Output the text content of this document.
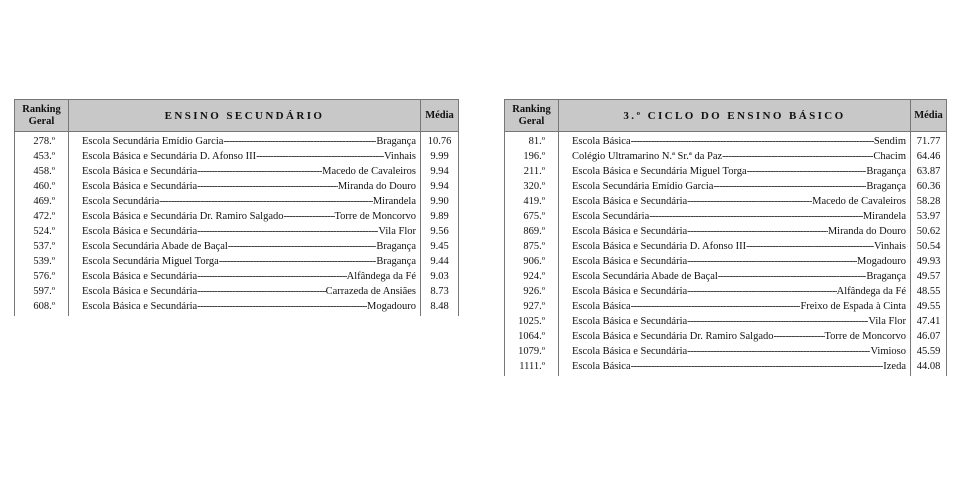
Ranking Geral	ENSINO SECUNDÁRIO	Média
278.º	Escola Secundária Emídio Garcia ----- Bragança	10.76
453.º	Escola Básica e Secundária D. Afonso III ----- Vinhais	9.99
458.º	Escola Básica e Secundária ----- Macedo de Cavaleiros	9.94
460.º	Escola Básica e Secundária ----- Miranda do Douro	9.94
469.º	Escola Secundária ----- Mirandela	9.90
472.º	Escola Básica e Secundária Dr. Ramiro Salgado ----- Torre de Moncorvo	9.89
524.º	Escola Básica e Secundária ----- Vila Flor	9.56
537.º	Escola Secundária Abade de Baçal ----- Bragança	9.45
539.º	Escola Secundária Miguel Torga ----- Bragança	9.44
576.º	Escola Básica e Secundária ----- Alfândega da Fé	9.03
597.º	Escola Básica e Secundária ----- Carrazeda de Ansiães	8.73
608.º	Escola Básica e Secundária ----- Mogadouro	8.48
Ranking Geral	3.º CICLO DO ENSINO BÁSICO	Média
81.º	Escola Básica ----- Sendim	71.77
196.º	Colégio Ultramarino N.ª Sr.ª da Paz ----- Chacim	64.46
211.º	Escola Básica e Secundária Miguel Torga ----- Bragança	63.87
320.º	Escola Secundária Emídio Garcia ----- Bragança	60.36
419.º	Escola Básica e Secundária ----- Macedo de Cavaleiros	58.28
675.º	Escola Secundária ----- Mirandela	53.97
869.º	Escola Básica e Secundária ----- Miranda do Douro	50.62
875.º	Escola Básica e Secundária D. Afonso III ----- Vinhais	50.54
906.º	Escola Básica e Secundária ----- Mogadouro	49.93
924.º	Escola Secundária Abade de Baçal ----- Bragança	49.57
926.º	Escola Básica e Secundária ----- Alfândega da Fé	48.55
927.º	Escola Básica ----- Freixo de Espada à Cinta	49.55
1025.º	Escola Básica e Secundária ----- Vila Flor	47.41
1064.º	Escola Básica e Secundária Dr. Ramiro Salgado ----- Torre de Moncorvo	46.07
1079.º	Escola Básica e Secundária ----- Vimioso	45.59
1111.º	Escola Básica ----- Izeda	44.08
